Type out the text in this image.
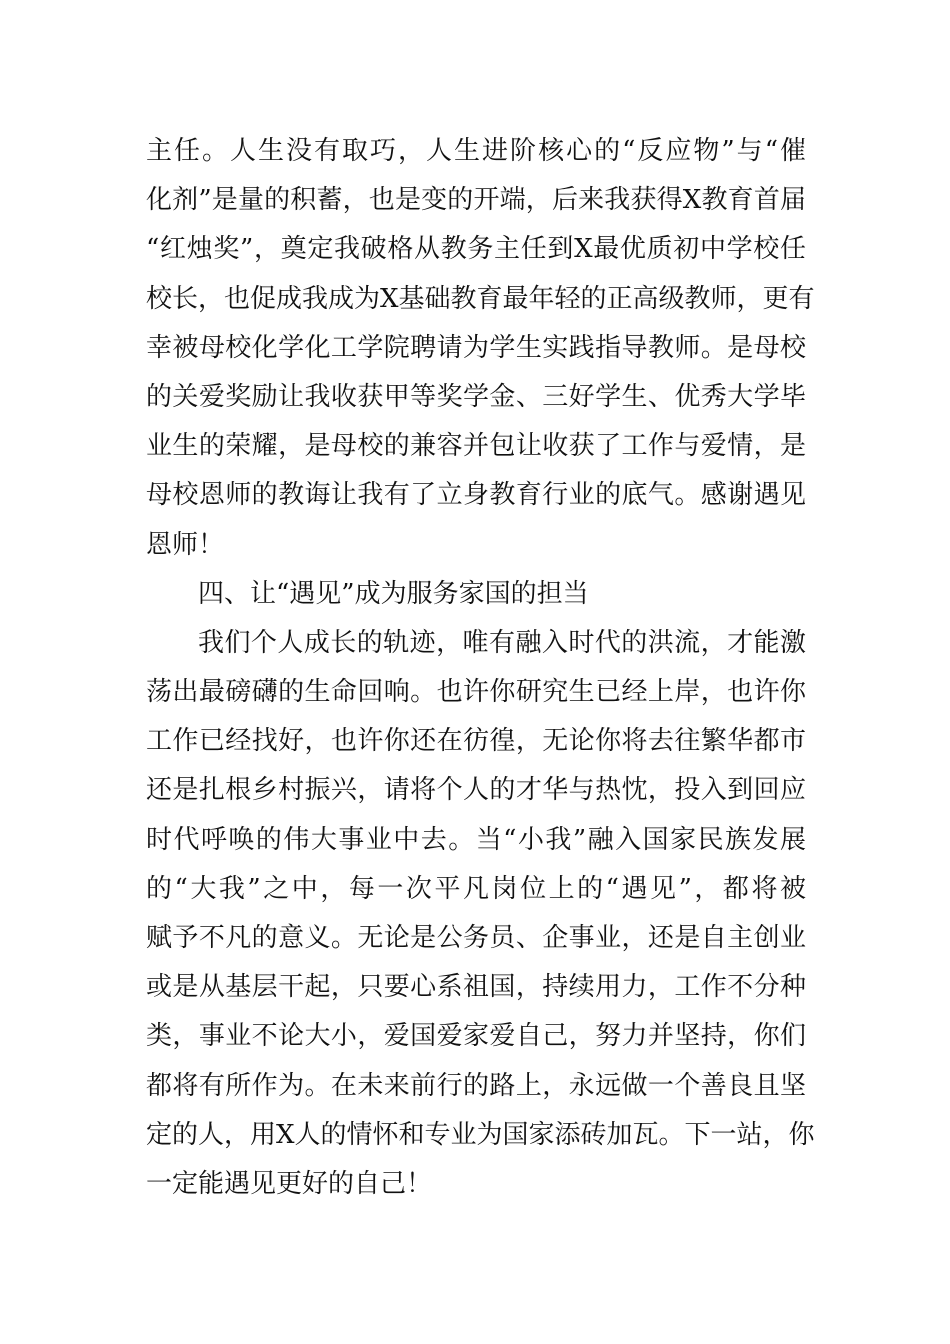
主任。人生没有取巧，人生进阶核心的“反应物”与“催
化剂”是量的积蓄，也是变的开端，后来我获得X教育首届
“红烛奖”，奠定我破格从教务主任到X最优质初中学校任
校长，也促成我成为X基础教育最年轻的正高级教师，更有
幸被母校化学化工学院聘请为学生实践指导教师。是母校
的关爱奖励让我收获甲等奖学金、三好学生、优秀大学毕
业生的荣耀，是母校的兼容并包让收获了工作与爱情，是
母校恩师的教诲让我有了立身教育行业的底气。感谢遇见
恩师！
四、让“遇见”成为服务家国的担当
我们个人成长的轨迹，唯有融入时代的洪流，才能激
荡出最磅礴的生命回响。也许你研究生已经上岸，也许你
工作已经找好，也许你还在彷徨，无论你将去往繁华都市
还是扎根乡村振兴，请将个人的才华与热忱，投入到回应
时代呼唤的伟大事业中去。当“小我”融入国家民族发展
的“大我”之中，每一次平凡岗位上的“遇见”，都将被
赋予不凡的意义。无论是公务员、企事业，还是自主创业
或是从基层干起，只要心系祖国，持续用力，工作不分种
类，事业不论大小，爱国爱家爱自己，努力并坚持，你们
都将有所作为。在未来前行的路上，永远做一个善良且坚
定的人，用X人的情怀和专业为国家添砖加瓦。下一站，你
一定能遇见更好的自己！
